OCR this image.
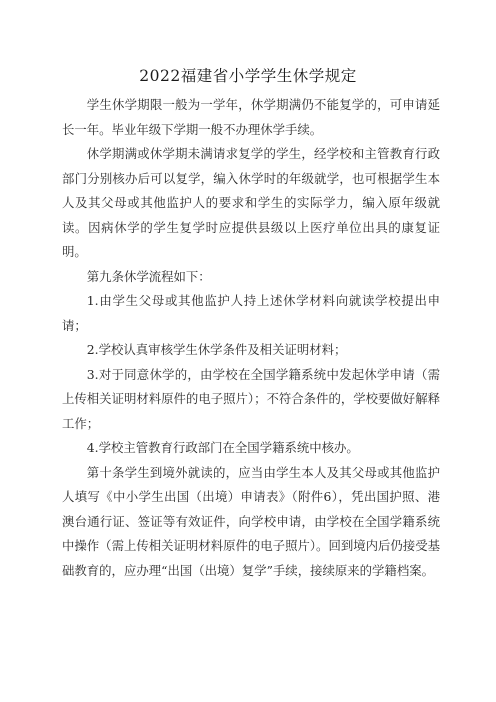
2022福建省小学学生休学规定

学生休学期限一般为一学年，休学期满仍不能复学的，可申请延长一年。毕业年级下学期一般不办理休学手续。

休学期满或休学期未满请求复学的学生，经学校和主管教育行政部门分别核办后可以复学，编入休学时的年级就学，也可根据学生本人及其父母或其他监护人的要求和学生的实际学力，编入原年级就读。因病休学的学生复学时应提供县级以上医疗单位出具的康复证明。

第九条休学流程如下：

1.由学生父母或其他监护人持上述休学材料向就读学校提出申请；

2.学校认真审核学生休学条件及相关证明材料；

3.对于同意休学的，由学校在全国学籍系统中发起休学申请（需上传相关证明材料原件的电子照片）；不符合条件的，学校要做好解释工作；

4.学校主管教育行政部门在全国学籍系统中核办。

第十条学生到境外就读的，应当由学生本人及其父母或其他监护人填写《中小学生出国（出境）申请表》（附件6），凭出国护照、港澳台通行证、签证等有效证件，向学校申请，由学校在全国学籍系统中操作（需上传相关证明材料原件的电子照片）。回到境内后仍接受基础教育的，应办理“出国（出境）复学”手续，接续原来的学籍档案。
